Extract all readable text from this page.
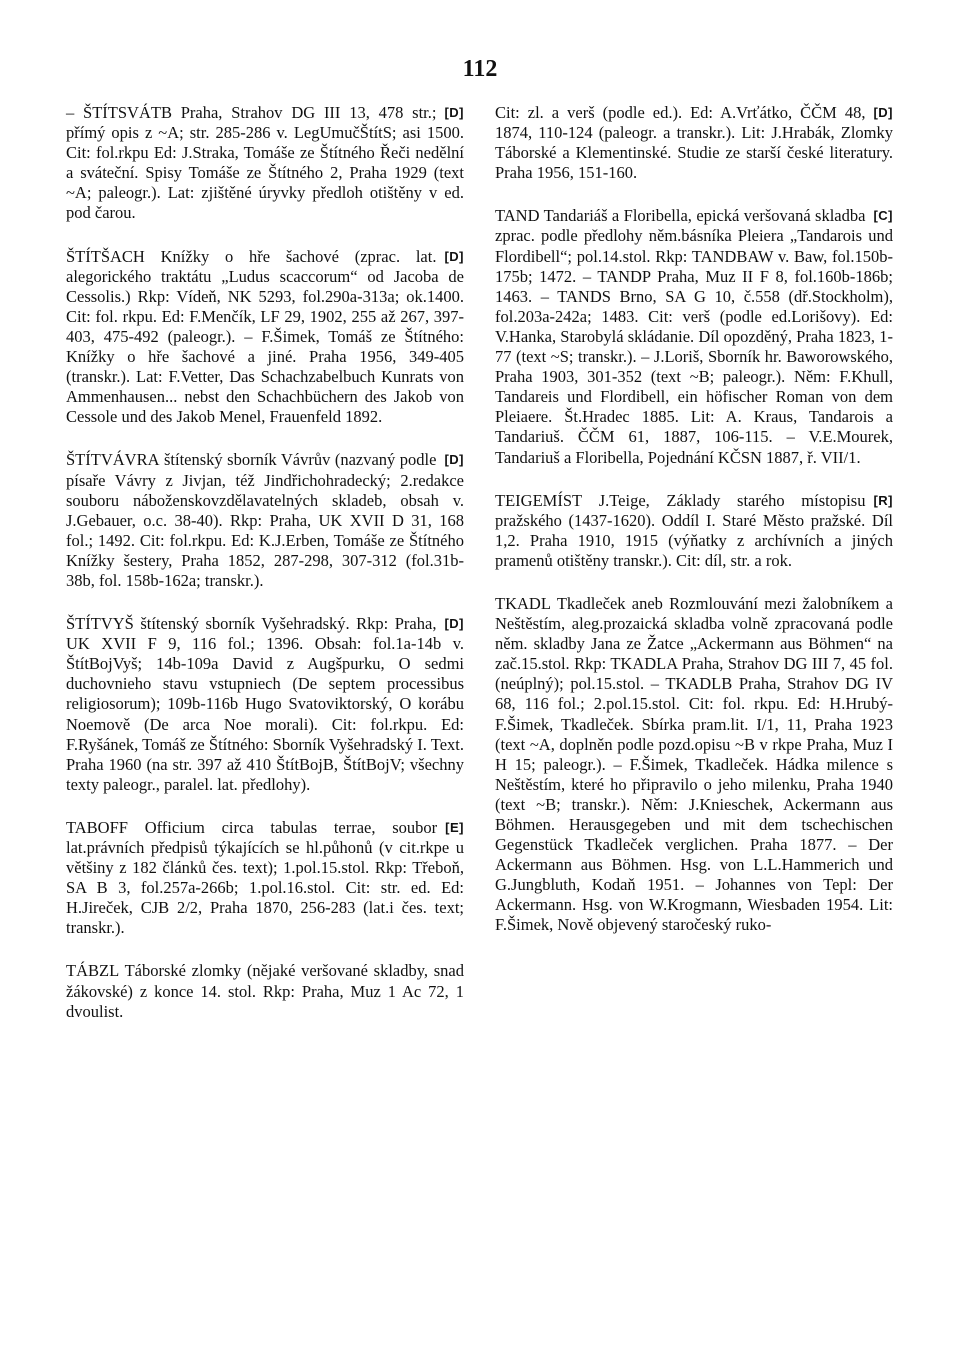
112

[D]
– ŠTÍTSVÁTB Praha, Strahov DG III 13, 478 str.; přímý opis z ~A; str. 285-286 v. LegUmučŠtítS; asi 1500. Cit: fol.rkpu Ed: J.Straka, Tomáše ze Štítného Řeči nedělní a sváteční. Spisy Tomáše ze Štítného 2, Praha 1929 (text ~A; paleogr.). Lat: zjištěné úryvky předloh otištěny v ed. pod čarou.

[D]
ŠTÍTŠACH Knížky o hře šachové (zprac. lat. alegorického traktátu „Ludus scaccorum“ od Jacoba de Cessolis.) Rkp: Vídeň, NK 5293, fol.290a-313a; ok.1400. Cit: fol. rkpu. Ed: F.Menčík, LF 29, 1902, 255 až 267, 397-403, 475-492 (paleogr.). – F.Šimek, Tomáš ze Štítného: Knížky o hře šachové a jiné. Praha 1956, 349-405 (transkr.). Lat: F.Vetter, Das Schachzabelbuch Kunrats von Ammenhausen... nebst den Schachbüchern des Jakob von Cessole und des Jakob Menel, Frauenfeld 1892.

[D]
ŠTÍTVÁVRA štítenský sborník Vávrův (nazvaný podle písaře Vávry z Jivjan, též Jindřichohradecký; 2.redakce souboru náboženskovzdělavatelných skladeb, obsah v. J.Gebauer, o.c. 38-40). Rkp: Praha, UK XVII D 31, 168 fol.; 1492. Cit: fol.rkpu. Ed: K.J.Erben, Tomáše ze Štítného Knížky šestery, Praha 1852, 287-298, 307-312 (fol.31b-38b, fol. 158b-162a; transkr.).

[D]
ŠTÍTVYŠ štítenský sborník Vyšehradský. Rkp: Praha, UK XVII F 9, 116 fol.; 1396. Obsah: fol.1a-14b v. ŠtítBojVyš; 14b-109a David z Augšpurku, O sedmi duchovnieho stavu vstupniech (De septem processibus religiosorum); 109b-116b Hugo Svatoviktorský, O korábu Noemově (De arca Noe morali). Cit: fol.rkpu. Ed: F.Ryšánek, Tomáš ze Štítného: Sborník Vyšehradský I. Text. Praha 1960 (na str. 397 až 410 ŠtítBojB, ŠtítBojV; všechny texty paleogr., paralel. lat. předlohy).

[E]
TABOFF Officium circa tabulas terrae, soubor lat.právních předpisů týkajících se hl.půhonů (v cit.rkpe u většiny z 182 článků čes. text); 1.pol.15.stol. Rkp: Třeboň, SA B 3, fol.257a-266b; 1.pol.16.stol. Cit: str. ed. Ed: H.Jireček, CJB 2/2, Praha 1870, 256-283 (lat.i čes. text; transkr.).

TÁBZL Táborské zlomky (nějaké veršované skladby, snad žákovské) z konce 14. stol. Rkp: Praha, Muz 1 Ac 72, 1 dvoulist.

[D]
Cit: zl. a verš (podle ed.). Ed: A.Vrťátko, ČČM 48, 1874, 110-124 (paleogr. a transkr.). Lit: J.Hrabák, Zlomky Táborské a Klementinské. Studie ze starší české literatury. Praha 1956, 151-160.

[C]
TAND Tandariáš a Floribella, epická veršovaná skladba zprac. podle předlohy něm.básníka Pleiera „Tandarois und Flordibell“; pol.14.stol. Rkp: TANDBAW v. Baw, fol.150b-175b; 1472. – TANDP Praha, Muz II F 8, fol.160b-186b; 1463. – TANDS Brno, SA G 10, č.558 (dř.Stockholm), fol.203a-242a; 1483. Cit: verš (podle ed.Lorišovy). Ed: V.Hanka, Starobylá skládanie. Díl opozděný, Praha 1823, 1-77 (text ~S; transkr.). – J.Loriš, Sborník hr. Baworowského, Praha 1903, 301-352 (text ~B; paleogr.). Něm: F.Khull, Tandareis und Flordibell, ein höfischer Roman von dem Pleiaere. Št.Hradec 1885. Lit: A. Kraus, Tandarois a Tandariuš. ČČM 61, 1887, 106-115. – V.E.Mourek, Tandariuš a Floribella, Pojednání KČSN 1887, ř. VII/1.

[R]
TEIGEMÍST J.Teige, Základy starého místopisu pražského (1437-1620). Oddíl I. Staré Město pražské. Díl 1,2. Praha 1910, 1915 (výňatky z archívních a jiných pramenů otištěny transkr.). Cit: díl, str. a rok.

TKADL Tkadleček aneb Rozmlouvání mezi žalobníkem a Neštěstím, aleg.prozaická skladba volně zpracovaná podle něm. skladby Jana ze Žatce „Ackermann aus Böhmen“ na zač.15.stol. Rkp: TKADLA Praha, Strahov DG III 7, 45 fol. (neúplný); pol.15.stol. – TKADLB Praha, Strahov DG IV 68, 116 fol.; 2.pol.15.stol. Cit: fol. rkpu. Ed: H.Hrubý-F.Šimek, Tkadleček. Sbírka pram.lit. I/1, 11, Praha 1923 (text ~A, doplněn podle pozd.opisu ~B v rkpe Praha, Muz I H 15; paleogr.). – F.Šimek, Tkadleček. Hádka milence s Neštěstím, které ho připravilo o jeho milenku, Praha 1940 (text ~B; transkr.). Něm: J.Knieschek, Ackermann aus Böhmen. Herausgegeben und mit dem tschechischen Gegenstück Tkadleček verglichen. Praha 1877. – Der Ackermann aus Böhmen. Hsg. von L.L.Hammerich und G.Jungbluth, Kodaň 1951. – Johannes von Tepl: Der Ackermann. Hsg. von W.Krogmann, Wiesbaden 1954. Lit: F.Šimek, Nově objevený staročeský ruko-
